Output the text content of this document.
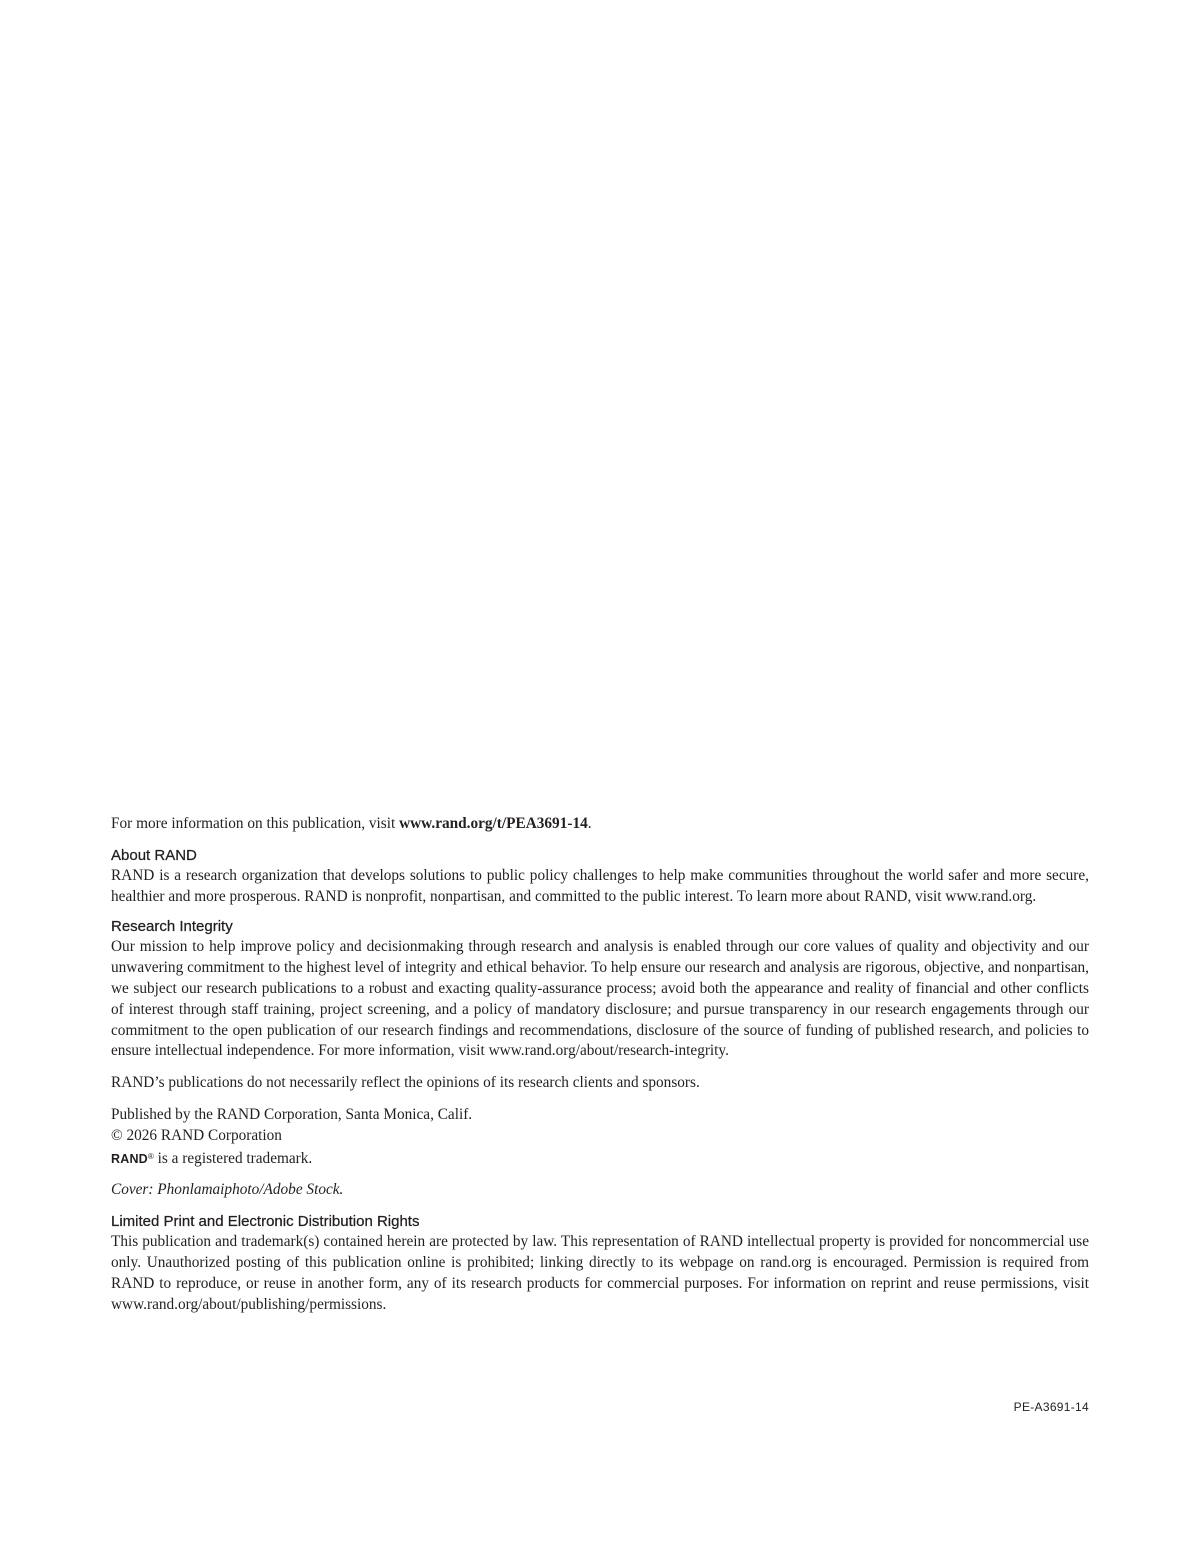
For more information on this publication, visit www.rand.org/t/PEA3691-14.

About RAND

RAND is a research organization that develops solutions to public policy challenges to help make communities throughout the world safer and more secure, healthier and more prosperous. RAND is nonprofit, nonpartisan, and committed to the public interest. To learn more about RAND, visit www.rand.org.

Research Integrity

Our mission to help improve policy and decisionmaking through research and analysis is enabled through our core values of quality and objectivity and our unwavering commitment to the highest level of integrity and ethical behavior. To help ensure our research and analysis are rigorous, objective, and nonpartisan, we subject our research publications to a robust and exacting quality-assurance process; avoid both the appearance and reality of financial and other conflicts of interest through staff training, project screening, and a policy of mandatory disclosure; and pursue transparency in our research engagements through our commitment to the open publication of our research findings and recommendations, disclosure of the source of funding of published research, and policies to ensure intellectual independence. For more information, visit www.rand.org/about/research-integrity.

RAND’s publications do not necessarily reflect the opinions of its research clients and sponsors.

Published by the RAND Corporation, Santa Monica, Calif.
© 2026 RAND Corporation
RAND® is a registered trademark.

Cover: Phonlamaiphoto/Adobe Stock.

Limited Print and Electronic Distribution Rights

This publication and trademark(s) contained herein are protected by law. This representation of RAND intellectual property is provided for noncommercial use only. Unauthorized posting of this publication online is prohibited; linking directly to its webpage on rand.org is encouraged. Permission is required from RAND to reproduce, or reuse in another form, any of its research products for commercial purposes. For information on reprint and reuse permissions, visit www.rand.org/about/publishing/permissions.

PE-A3691-14
